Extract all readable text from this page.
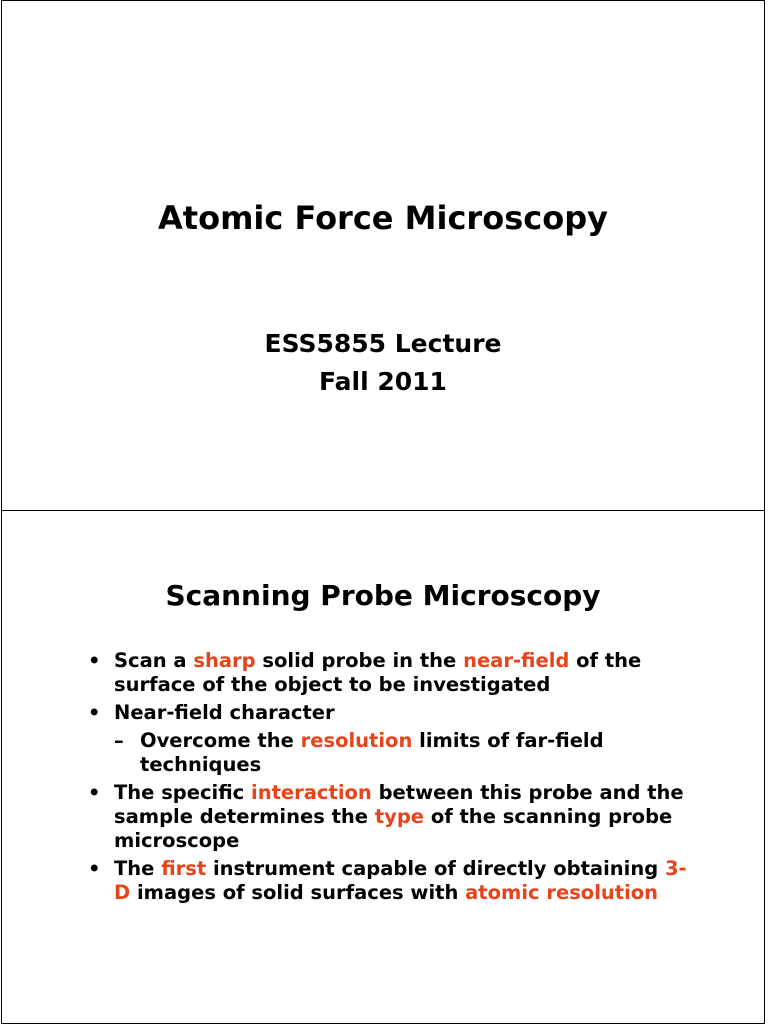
Atomic Force Microscopy
ESS5855 Lecture
Fall 2011
Scanning Probe Microscopy
• Scan a sharp solid probe in the near-field of the surface of the object to be investigated
• Near-field character
– Overcome the resolution limits of far-field techniques
• The specific interaction between this probe and the sample determines the type of the scanning probe microscope
• The first instrument capable of directly obtaining 3-D images of solid surfaces with atomic resolution
